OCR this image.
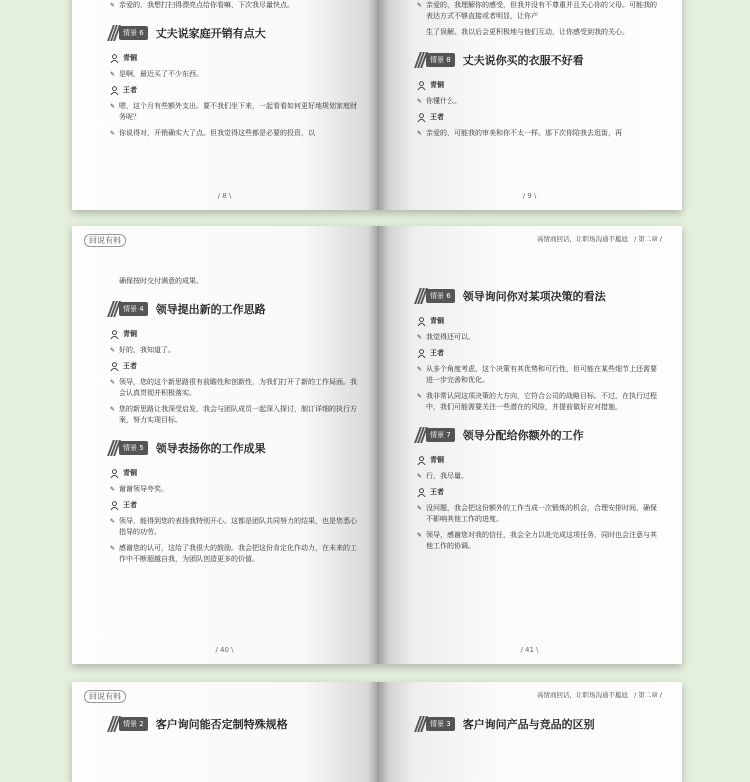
✎ 亲爱的，我想打扫得漂亮点给你看嘛，下次我尽量快点。
情景 6	丈夫说家庭开销有点大
青铜
✎ 是啊，最近买了不少东西。
王者
✎ 嗯，这个月有些额外支出。要不我们坐下来，一起看看如何更好地规划家庭财务呢？
✎ 你说得对，开销确实大了点。但我觉得这些都是必要的投资，以
/ 8 \
✎ 亲爱的，我理解你的感受，但我并没有不尊重并且关心你的父母。可能我的表达方式不够直接或者明显，让你产
生了误解。我以后会更积极地与他们互动，让你感受到我的关心。
情景 8	丈夫说你买的衣服不好看
青铜
✎ 你懂什么。
王者
✎ 亲爱的，可能我的审美和你不太一样。那下次你陪我去逛街，再
/ 9 \
回说有料
确保按时交付满意的成果。
情景 4	领导提出新的工作思路
青铜
✎ 好的，我知道了。
王者
✎ 领导，您的这个新思路很有前瞻性和创新性，为我们打开了新的工作局面。我会认真贯彻并积极落实。
✎ 您的新思路让我深受启发，我会与团队成员一起深入探讨，制订详细的执行方案，努力实现目标。
情景 5	领导表扬你的工作成果
青铜
✎ 谢谢领导夸奖。
王者
✎ 领导，能得到您的表扬我特别开心。这都是团队共同努力的结果，也是您悉心指导的功劳。
✎ 感谢您的认可，这给了我很大的鼓励。我会把这份肯定化作动力，在未来的工作中不断超越自我，为团队创造更多的价值。
/ 40 \
高情商回话，让职场沟通不尴尬 / 第二章 /
情景 6	领导询问你对某项决策的看法
青铜
✎ 我觉得还可以。
王者
✎ 从多个角度考虑，这个决策有其优势和可行性，但可能在某些细节上还需要进一步完善和优化。
✎ 我非常认同这项决策的大方向，它符合公司的战略目标。不过，在执行过程中，我们可能需要关注一些潜在的风险，并提前做好应对措施。
情景 7	领导分配给你额外的工作
青铜
✎ 行，我尽量。
王者
✎ 没问题，我会把这份额外的工作当成一次锻炼的机会，合理安排时间，确保不影响其他工作的进度。
✎ 领导，感谢您对我的信任，我会全力以赴完成这项任务，同时也会注意与其他工作的协调。
/ 41 \
回说有料
情景 2	客户询问能否定制特殊规格
高情商回话，让职场沟通不尴尬 / 第二章 /
情景 3	客户询问产品与竞品的区别
